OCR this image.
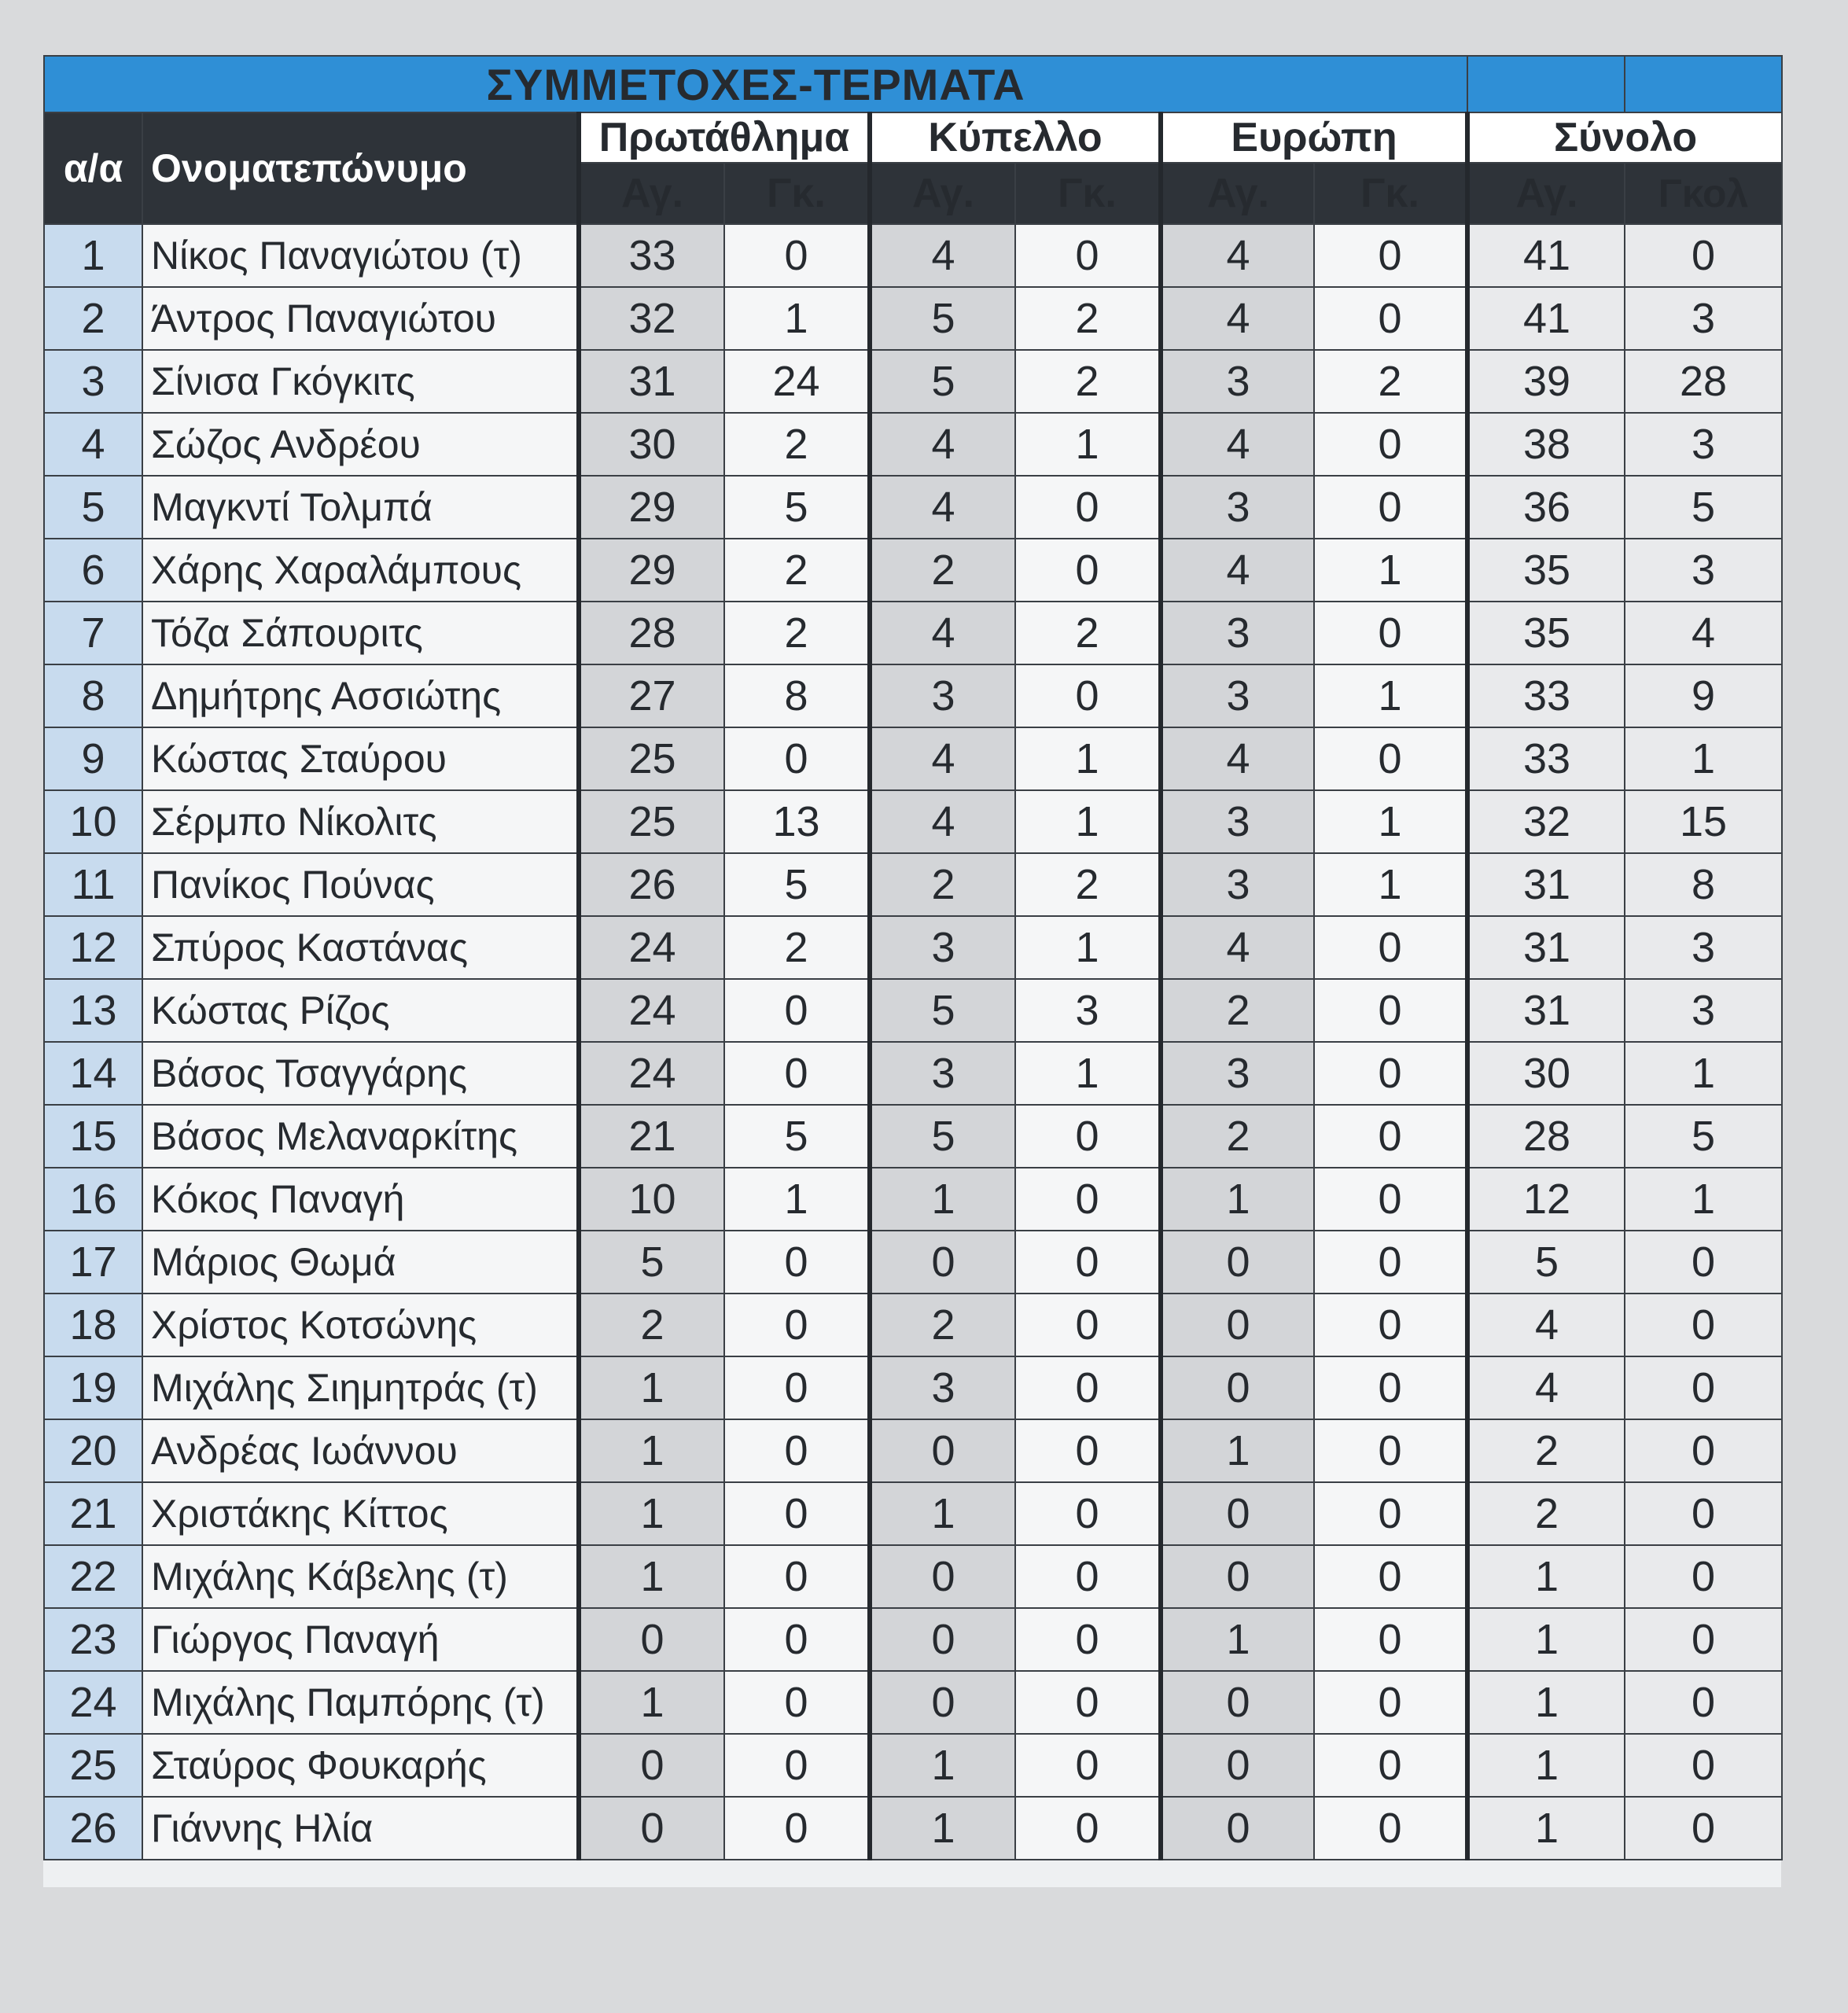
ΣΥΜΜΕΤΟΧΕΣ-ΤΕΡΜΑΤΑ									
α/α	Ονοματεπώνυμο	Πρωτάθλημα		Κύπελλο		Ευρώπη		Σύνολο	
		Αγ.	Γκ.	Αγ.	Γκ.	Αγ.	Γκ.	Αγ.	Γκολ
1	Νίκος Παναγιώτου (τ)	33	0	4	0	4	0	41	0
2	Άντρος Παναγιώτου	32	1	5	2	4	0	41	3
3	Σίνισα Γκόγκιτς	31	24	5	2	3	2	39	28
4	Σώζος Ανδρέου	30	2	4	1	4	0	38	3
5	Μαγκντί Τολμπά	29	5	4	0	3	0	36	5
6	Χάρης Χαραλάμπους	29	2	2	0	4	1	35	3
7	Τόζα Σάπουριτς	28	2	4	2	3	0	35	4
8	Δημήτρης Ασσιώτης	27	8	3	0	3	1	33	9
9	Κώστας Σταύρου	25	0	4	1	4	0	33	1
10	Σέρμπο Νίκολιτς	25	13	4	1	3	1	32	15
11	Πανίκος Πούνας	26	5	2	2	3	1	31	8
12	Σπύρος Καστάνας	24	2	3	1	4	0	31	3
13	Κώστας Ρίζος	24	0	5	3	2	0	31	3
14	Βάσος Τσαγγάρης	24	0	3	1	3	0	30	1
15	Βάσος Μελαναρκίτης	21	5	5	0	2	0	28	5
16	Κόκος Παναγή	10	1	1	0	1	0	12	1
17	Μάριος Θωμά	5	0	0	0	0	0	5	0
18	Χρίστος Κοτσώνης	2	0	2	0	0	0	4	0
19	Μιχάλης Σιημητράς (τ)	1	0	3	0	0	0	4	0
20	Ανδρέας Ιωάννου	1	0	0	0	1	0	2	0
21	Χριστάκης Κίττος	1	0	1	0	0	0	2	0
22	Μιχάλης Κάβελης (τ)	1	0	0	0	0	0	1	0
23	Γιώργος Παναγή	0	0	0	0	1	0	1	0
24	Μιχάλης Παμπόρης (τ)	1	0	0	0	0	0	1	0
25	Σταύρος Φουκαρής	0	0	1	0	0	0	1	0
26	Γιάννης Ηλία	0	0	1	0	0	0	1	0
